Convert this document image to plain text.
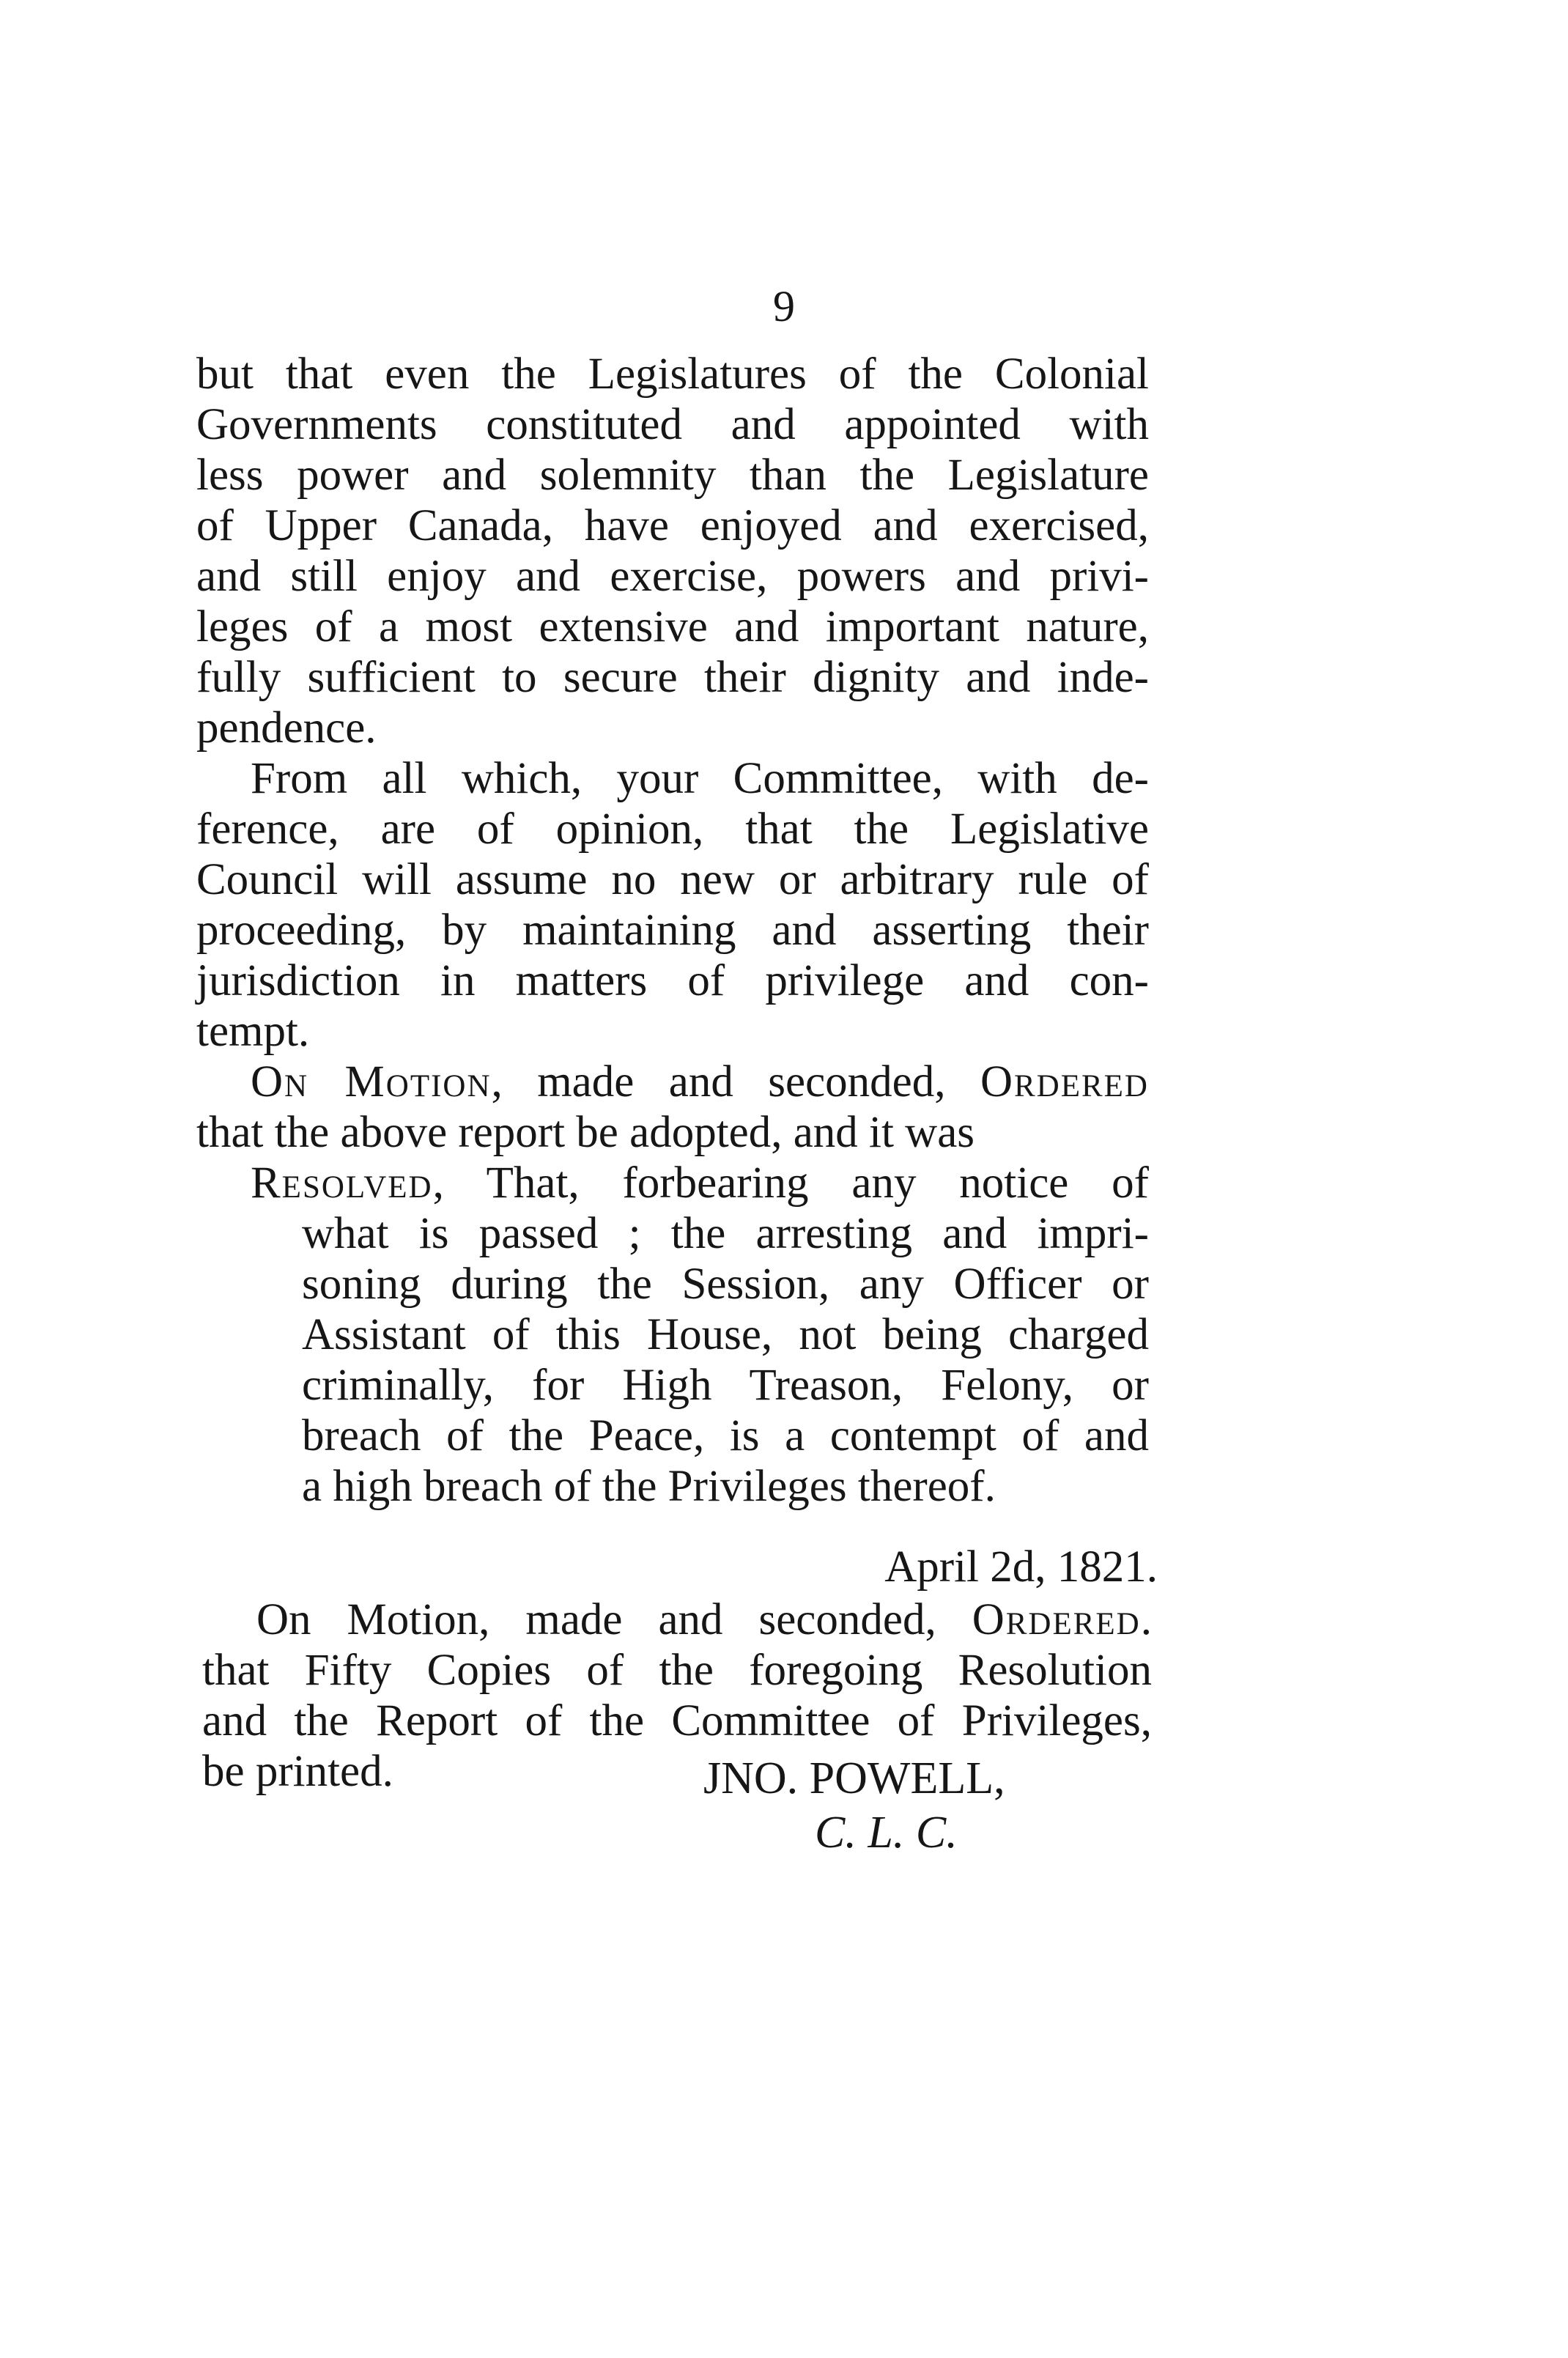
9
but that even the Legislatures of the Colonial
Governments constituted and appointed with
less power and solemnity than the Legislature
of Upper Canada, have enjoyed and exercised,
and still enjoy and exercise, powers and privi-
leges of a most extensive and important nature,
fully sufficient to secure their dignity and inde-
pendence.
From all which, your Committee, with de-
ference, are of opinion, that the Legislative
Council will assume no new or arbitrary rule of
proceeding, by maintaining and asserting their
jurisdiction in matters of privilege and con-
tempt.
On Motion, made and seconded, Ordered
that the above report be adopted, and it was
Resolved, That, forbearing any notice of
what is passed ; the arresting and impri-
soning during the Session, any Officer or
Assistant of this House, not being charged
criminally, for High Treason, Felony, or
breach of the Peace, is a contempt of and
a high breach of the Privileges thereof.
April 2d, 1821.
On Motion, made and seconded, Ordered.
that Fifty Copies of the foregoing Resolution
and the Report of the Committee of Privileges,
be printed.	JNO. POWELL,
C. L. C.
